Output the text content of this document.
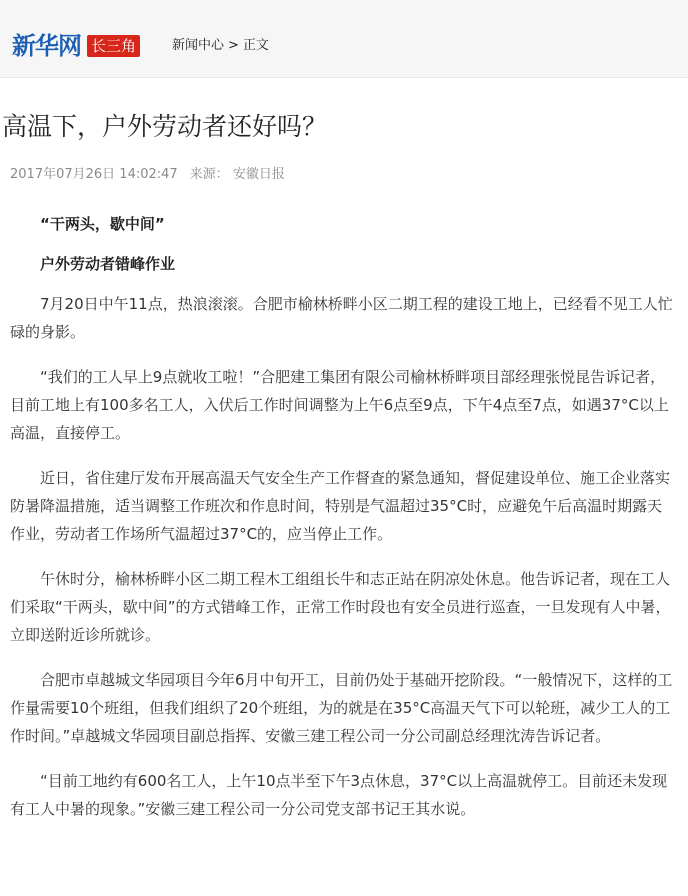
新华网 长三角	新闻中心 > 正文
高温下，户外劳动者还好吗？
2017年07月26日 14:02:47 来源： 安徽日报

“干两头，歇中间”

户外劳动者错峰作业

7月20日中午11点，热浪滚滚。合肥市榆林桥畔小区二期工程的建设工地上，已经看不见工人忙碌的身影。

“我们的工人早上9点就收工啦！”合肥建工集团有限公司榆林桥畔项目部经理张悦昆告诉记者，目前工地上有100多名工人，入伏后工作时间调整为上午6点至9点，下午4点至7点，如遇37°C以上高温，直接停工。

近日，省住建厅发布开展高温天气安全生产工作督查的紧急通知，督促建设单位、施工企业落实防暑降温措施，适当调整工作班次和作息时间，特别是气温超过35°C时，应避免午后高温时期露天作业，劳动者工作场所气温超过37°C的，应当停止工作。

午休时分，榆林桥畔小区二期工程木工组组长牛和志正站在阴凉处休息。他告诉记者，现在工人们采取“干两头，歇中间”的方式错峰工作，正常工作时段也有安全员进行巡查，一旦发现有人中暑，立即送附近诊所就诊。

合肥市卓越城文华园项目今年6月中旬开工，目前仍处于基础开挖阶段。“一般情况下，这样的工作量需要10个班组，但我们组织了20个班组，为的就是在35°C高温天气下可以轮班，减少工人的工作时间。”卓越城文华园项目副总指挥、安徽三建工程公司一分公司副总经理沈涛告诉记者。

“目前工地约有600名工人，上午10点半至下午3点休息，37°C以上高温就停工。目前还未发现有工人中暑的现象。”安徽三建工程公司一分公司党支部书记王其水说。
